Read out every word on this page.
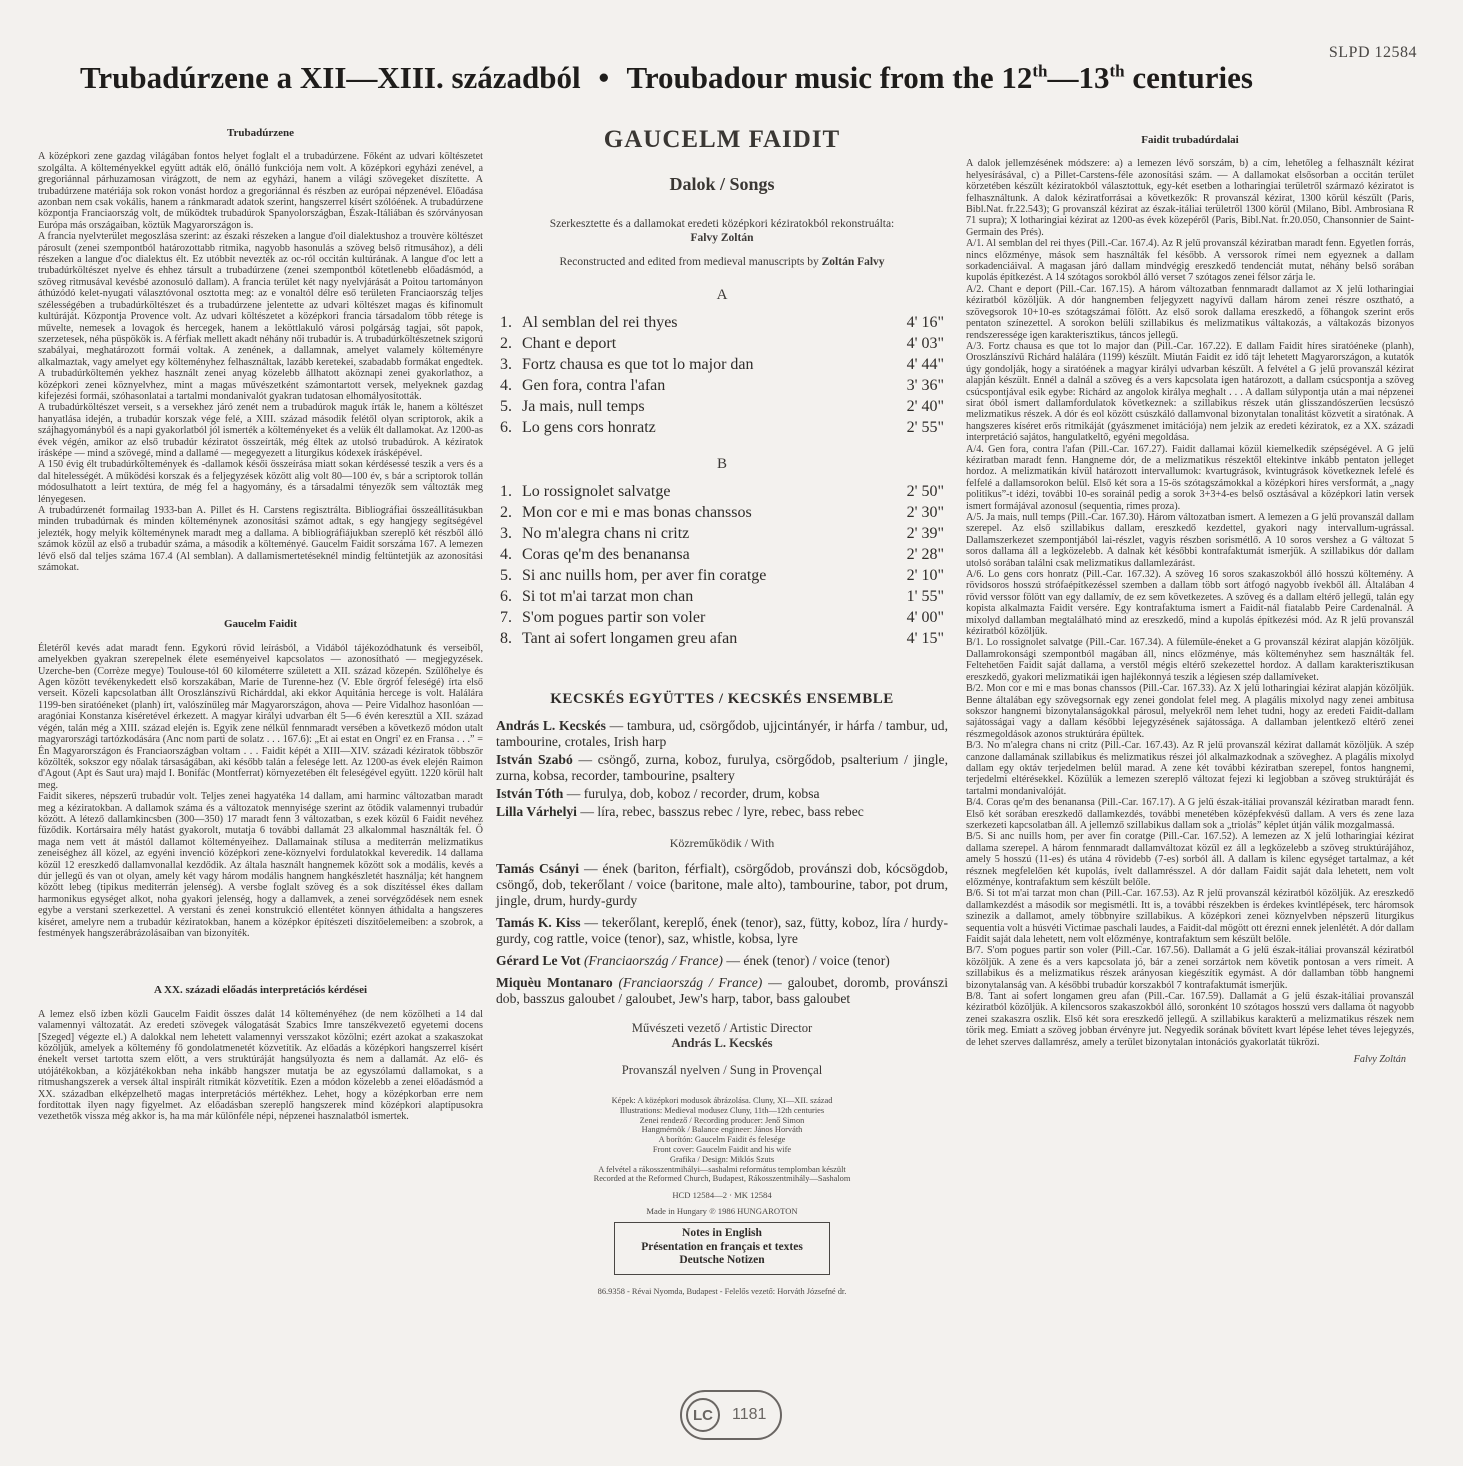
SLPD 12584
Trubadúrzene a XII—XIII. századból • Troubadour music from the 12th—13th centuries
Trubadúrzene

A középkori zene gazdag világában fontos helyet foglalt el a trubadúrzene. Főként az udvari költészetet szolgálta. A költeményekkel együtt adták elő, önálló funkciója nem volt. A középkori egyházi zenével, a gregoriánnal párhuzamosan virágzott, de nem az egyházi, hanem a világi szövegeket díszítette. A trubadúrzene matériája sok rokon vonást hordoz a gregoriánnal és részben az európai népzenével. Előadása azonban nem csak vokális, hanem a ránkmaradt adatok szerint, hangszerrel kísért szólóének. A trubadúrzene központja Franciaország volt, de működtek trubadúrok Spanyolországban, Észak-Itáliában és szórványosan Európa más országaiban, köztük Magyarországon is.

A francia nyelvterület megoszlása szerint: az északi részeken a langue d'oil dialektushoz a trouvère költészet párosult (zenei szempontból határozottabb ritmika, nagyobb hasonulás a szöveg belső ritmusához), a déli részeken a langue d'oc dialektus élt. Ez utóbbit nevezték az oc-ról occitán kultúrának. A langue d'oc lett a trubadúrköltészet nyelve és ehhez társult a trubadúrzene (zenei szempontból kötetlenebb előadásmód, a szöveg ritmusával kevésbé azonosuló dallam). A francia terület két nagy nyelvjárását a Poitou tartományon áthúzódó kelet-nyugati választóvonal osztotta meg: az e vonaltól délre eső területen Franciaország teljes szélességében a trubadúrköltészet és a trubadúrzene jelentette az udvari költészet magas és kifinomult kultúráját. Központja Provence volt. Az udvari költészetet a középkori francia társadalom több rétege is művelte, nemesek a lovagok és hercegek, hanem a leköttlakuló városi polgárság tagjai, sőt papok, szerzetesek, néha püspökök is. A férfiak mellett akadt néhány női trubadúr is. A trubadúrköltészetnek szigorú szabályai, meghatározott formái voltak. A zenének, a dallamnak, amelyet valamely költeményre alkalmaztak, vagy amelyet egy költeményhez felhasználtak, lazább keretekei, szabadabb formákat engedtek. A trubadúrköltemén yekhez használt zenei anyag közelebb állhatott aköznapi zenei gyakorlathoz, a középkori zenei köznyelvhez, mint a magas művészetként számontartott versek, melyeknek gazdag kifejezési formái, szóhasonlatai a tartalmi mondanivalót gyakran tudatosan elhomályosították.

A trubadúrköltészet verseit, s a versekhez járó zenét nem a trubadúrok maguk írták le, hanem a költészet hanyatlása idején, a trubadúr korszak vége felé, a XIII. század második felétől olyan scriptorok, akik a szájhagyományból és a napi gyakorlatból jól ismerték a költeményeket és a velük élt dallamokat. Az 1200-as évek végén, amikor az első trubadúr kéziratot összeírták, még éltek az utolsó trubadúrok. A kéziratok írásképe — mind a szövegé, mind a dallamé — megegyezett a liturgikus kódexek írásképével.

A 150 évig élt trubadúrköltemények és -dallamok késői összeírása miatt sokan kérdésessé teszik a vers és a dal hitelességét. A működési korszak és a feljegyzések között alig volt 80—100 év, s bár a scriptorok tollán módosulhatott a leírt textúra, de még fel a hagyomány, és a társadalmi tényezők sem változták meg lényegesen.

A trubadúrzenét formailag 1933-ban A. Pillet és H. Carstens regisztrálta. Bibliográfiai összeállításukban minden trubadúrnak és minden költeménynek azonosítási számot adtak, s egy hangjegy segítségével jelezték, hogy melyik költeménynek maradt meg a dallama. A bibliográfiájukban szereplő két részből álló számok közül az első a trubadúr száma, a második a költeményé. Gaucelm Faidit sorszáma 167. A lemezen lévő első dal teljes száma 167.4 (Al semblan). A dallamismertetéseknél mindig feltüntetjük az azonosítási számokat.

Gaucelm Faidit

Életéről kevés adat maradt fenn. Egykorú rövid leírásból, a Vidából tájékozódhatunk és verseiből, amelyekben gyakran szerepelnek élete eseményeivel kapcsolatos — azonosítható — megjegyzések. Uzerche-ben (Corrèze megye) Toulouse-tól 60 kilométerre született a XII. század közepén. Szülőhelye és Agen között tevékenykedett első korszakában, Marie de Turenne-hez (V. Eble őrgróf feleségé) írta első verseit. Közeli kapcsolatban állt Oroszlánszívű Richárddal, aki ekkor Aquitánia hercege is volt. Halálára 1199-ben siratóéneket (planh) írt, valószínűleg már Magyarországon, ahova — Peire Vidalhoz hasonlóan — aragóniai Konstanza kíséretével érkezett. A magyar királyi udvarban élt 5—6 évén keresztül a XII. század végén, talán még a XIII. század elején is. Egyik zene nélkül fennmaradt versében a következő módon utalt magyarországi tartózkodására (Anc nom parti de solatz . . . 167.6): „Et ai estat en Ongri' ez en Fransa . . .” = Én Magyarországon és Franciaországban voltam . . . Faidit képét a XIII—XIV. századi kéziratok többször közölték, sokszor egy nőalak társaságában, aki később talán a felesége lett. Az 1200-as évek elején Raimon d'Agout (Apt és Saut ura) majd I. Bonifác (Montferrat) környezetében élt feleségével együtt. 1220 körül halt meg.

Faidit sikeres, népszerű trubadúr volt. Teljes zenei hagyatéka 14 dallam, ami harminc változatban maradt meg a kéziratokban. A dallamok száma és a változatok mennyisége szerint az ötödik valamennyi trubadúr között. A létező dallamkincsben (300—350) 17 maradt fenn 3 változatban, s ezek közül 6 Faidit nevéhez fűződik. Kortársaira mély hatást gyakorolt, mutatja 6 további dallamát 23 alkalommal használták fel. Ő maga nem vett át mástól dallamot költeményeihez. Dallamainak stílusa a mediterrán melizmatikus zeneiséghez áll közel, az egyéni invenció középkori zene-köznyelvi fordulatokkal keveredik. 14 dallama közül 12 ereszkedő dallamvonallal kezdődik. Az általa használt hangnemek között sok a modális, kevés a dúr jellegű és van ot olyan, amely két vagy három modális hangnem hangkészletét használja; két hangnem között lebeg (tipikus mediterrán jelenség). A versbe foglalt szöveg és a sok díszítéssel ékes dallam harmonikus egységet alkot, noha gyakori jelenség, hogy a dallamvek, a zenei sorvégződések nem esnek egybe a verstani szerkezettel. A verstani és zenei konstrukció ellentétet könnyen áthidalta a hangszeres kíséret, amelyre nem a trubadúr kéziratokban, hanem a középkor építészeti díszítőelemeiben: a szobrok, a festmények hangszerábrázolásaiban van bizonyíték.

A XX. századi előadás interpretációs kérdései

A lemez első ízben közli Gaucelm Faidit összes dalát 14 költeményéhez (de nem közölheti a 14 dal valamennyi változatát. Az eredeti szövegek válogatását Szabics Imre tanszékvezető egyetemi docens [Szeged] végezte el.) A dalokkal nem lehetett valamennyi versszakot közölni; ezért azokat a szakaszokat közöljük, amelyek a költemény fő gondolatmenetét közvetítik. Az előadás a középkori hangszerrel kísért énekelt verset tartotta szem előtt, a vers struktúráját hangsúlyozta és nem a dallamát. Az elő- és utójátékokban, a közjátékokban neha inkább hangszer mutatja be az egyszólamú dallamokat, s a ritmushangszerek a versek által inspirált ritmikát közvetítik. Ezen a módon közelebb a zenei előadásmód a XX. században elképzelhető magas interpretációs mértékhez. Lehet, hogy a középkorban erre nem fordítottak ilyen nagy figyelmet. Az előadásban szereplő hangszerek mind középkori alaptípusokra vezethetők vissza még akkor is, ha ma már különféle népi, népzenei hasznalatból ismertek.

GAUCELM FAIDIT
Dalok / Songs
Szerkesztette és a dallamokat eredeti középkori kéziratokból rekonstruálta:
Falvy Zoltán
Reconstructed and edited from medieval manuscripts by Zoltán Falvy
A
1. Al semblan del rei thyes	4' 16"
2. Chant e deport	4' 03"
3. Fortz chausa es que tot lo major dan	4' 44"
4. Gen fora, contra l'afan	3' 36"
5. Ja mais, null temps	2' 40"
6. Lo gens cors honratz	2' 55"
B
1. Lo rossignolet salvatge	2' 50"
2. Mon cor e mi e mas bonas chanssos	2' 30"
3. No m'alegra chans ni critz	2' 39"
4. Coras qe'm des benanansa	2' 28"
5. Si anc nuills hom, per aver fin coratge	2' 10"
6. Si tot m'ai tarzat mon chan	1' 55"
7. S'om pogues partir son voler	4' 00"
8. Tant ai sofert longamen greu afan	4' 15"
KECSKÉS EGYÜTTES / KECSKÉS ENSEMBLE
András L. Kecskés — tambura, ud, csörgődob, ujjcintányér, ir hárfa / tambur, ud, tambourine, crotales, Irish harp
István Szabó — csöngő, zurna, koboz, furulya, csörgődob, psalterium / jingle, zurna, kobsa, recorder, tambourine, psaltery
István Tóth — furulya, dob, koboz / recorder, drum, kobsa
Lilla Várhelyi — líra, rebec, basszus rebec / lyre, rebec, bass rebec
Közreműködik / With
Tamás Csányi — ének (bariton, férfialt), csörgődob, provánszi dob, kócsögdob, csöngő, dob, tekerőlant / voice (baritone, male alto), tambourine, tabor, pot drum, jingle, drum, hurdy-gurdy
Tamás K. Kiss — tekerőlant, kereplő, ének (tenor), saz, fütty, koboz, líra / hurdy-gurdy, cog rattle, voice (tenor), saz, whistle, kobsa, lyre
Gérard Le Vot (Franciaország / France) — ének (tenor) / voice (tenor)
Miquèu Montanaro (Franciaország / France) — galoubet, doromb, provánszi dob, basszus galoubet / galoubet, Jew's harp, tabor, bass galoubet
Művészeti vezető / Artistic Director
András L. Kecskés
Provanszál nyelven / Sung in Provençal
Képek: A középkori modusok ábrázolása. Cluny, XI—XII. század
Illustrations: Medieval modusez Cluny, 11th—12th centuries
Zenei rendező / Recording producer: Jenő Simon
Hangmérnök / Balance engineer: János Horváth
A borítón: Gaucelm Faidit és felesége
Front cover: Gaucelm Faidit and his wife
Grafika / Design: Miklós Szuts
A felvétel a rákosszentmihályi—sashalmi református templomban készült
Recorded at the Reformed Church, Budapest, Rákosszentmihály—Sashalom
HCD 12584—2 · MK 12584
Made in Hungary ℗ 1986 HUNGAROTON
Notes in English
Présentation en français et textes
Deutsche Notizen
86.9358 - Révai Nyomda, Budapest - Felelős vezető: Horváth Józsefné dr.
LC	1181
Faidit trubadúrdalai

A dalok jellemzésének módszere: a) a lemezen lévő sorszám, b) a cím, lehetőleg a felhasznált kézirat helyesírásával, c) a Pillet-Carstens-féle azonosítási szám. — A dallamokat elsősorban a occitán terület körzetében készült kéziratokból választottuk, egy-két esetben a lotharingiai területről származó kéziratot is felhasználtunk. A dalok kéziratforrásai a következők: R provanszál kézirat, 1300 körül készült (Paris, Bibl.Nat. fr.22.543); G provanszál kézirat az észak-itáliai területről 1300 körül (Milano, Bibl. Ambrosiana R 71 supra); X lotharingiai kézirat az 1200-as évek közepéről (Paris, Bibl.Nat. fr.20.050, Chansonnier de Saint-Germain des Prés).

A/1. Al semblan del rei thyes (Pill.-Car. 167.4). Az R jelű provanszál kéziratban maradt fenn. Egyetlen forrás, nincs előzménye, mások sem használták fel később. A verssorok rímei nem egyeznek a dallam sorkadenciáival. A magasan járó dallam mindvégig ereszkedő tendenciát mutat, néhány belső sorában kupolás építkezést. A 14 szótagos sorokból álló verset 7 szótagos zenei félsor zárja le.

A/2. Chant e deport (Pill.-Car. 167.15). A három változatban fennmaradt dallamot az X jelű lotharingiai kéziratból közöljük. A dór hangnemben feljegyzett nagyívű dallam három zenei részre osztható, a szövegsorok 10+10-es szótagszámai fölött. Az első sorok dallama ereszkedő, a főhangok szerint erős pentaton színezettel. A sorokon belüli szillabikus és melizmatikus váltakozás, a váltakozás bizonyos rendszeressége igen karakterisztikus, táncos jellegű.

A/3. Fortz chausa es que tot lo major dan (Pill.-Car. 167.22). E dallam Faidit híres siratóéneke (planh), Oroszlánszívű Richárd halálára (1199) készült. Miután Faidit ez idő tájt lehetett Magyarországon, a kutatók úgy gondolják, hogy a siratóének a magyar királyi udvarban készült. A felvétel a G jelű provanszál kézirat alapján készült. Ennél a dalnál a szöveg és a vers kapcsolata igen határozott, a dallam csúcspontja a szöveg csúcspontjával esik egybe: Richárd az angolok királya meghalt . . . A dallam súlypontja után a mai népzenei sirat óból ismert dallamfordulatok következnek: a szillabikus részek után glisszandószerűen lecsúszó melizmatikus részek. A dór és eol között csúszkáló dallamvonal bizonytalan tonalitást közvetít a siratónak. A hangszeres kíséret erős ritmikáját (gyászmenet imitációja) nem jelzik az eredeti kéziratok, ez a XX. századi interpretáció sajátos, hangulatkeltő, egyéni megoldása.

A/4. Gen fora, contra l'afan (Pill.-Car. 167.27). Faidit dallamai közül kiemelkedik szépségével. A G jelű kéziratban maradt fenn. Hangneme dór, de a melizmatikus részektől eltekintve inkább pentaton jelleget hordoz. A melizmatikán kívül határozott intervallumok: kvartugrások, kvintugrások következnek lefelé és felfelé a dallamsorokon belül. Első két sora a 15-ös szótagszámokkal a középkori híres versformát, a „nagy politikus”-t idézi, további 10-es sorainál pedig a sorok 3+3+4-es belső osztásával a középkori latin versek ismert formájával azonosul (sequentia, rimes proza).

A/5. Ja mais, null temps (Pill.-Car. 167.30). Három változatban ismert. A lemezen a G jelű provanszál dallam szerepel. Az első szillabikus dallam, ereszkedő kezdettel, gyakori nagy intervallum-ugrással. Dallamszerkezet szempontjából lai-részlet, vagyis részben sorismétlő. A 10 soros vershez a G változat 5 soros dallama áll a legközelebb. A dalnak két későbbi kontrafaktumát ismerjük. A szillabikus dór dallam utolsó sorában találni csak melizmatikus dallamlezárást.

A/6. Lo gens cors honratz (Pill.-Car. 167.32). A szöveg 16 soros szakaszokból álló hosszú költemény. A rövidsoros hosszú strófaépítkezéssel szemben a dallam több sort átfogó nagyobb ívekből áll. Általában 4 rövid verssor fölött van egy dallamív, de ez sem következetes. A szöveg és a dallam eltérő jellegű, talán egy kopista alkalmazta Faidit versére. Egy kontrafaktuma ismert a Faidit-nál fiatalabb Peire Cardenalnál. A mixolyd dallamban megtalálható mind az ereszkedő, mind a kupolás építkezési mód. Az R jelű provanszál kéziratból közöljük.

B/1. Lo rossignolet salvatge (Pill.-Car. 167.34). A fülemüle-éneket a G provanszál kézirat alapján közöljük. Dallamrokonsági szempontból magában áll, nincs előzménye, más költeményhez sem használták fel. Feltehetően Faidit saját dallama, a verstől mégis eltérő szekezettel hordoz. A dallam karakterisztikusan ereszkedő, gyakori melizmatikái igen hajlékonnyá teszik a légiesen szép dallamíveket.

B/2. Mon cor e mi e mas bonas chanssos (Pill.-Car. 167.33). Az X jelű lotharingiai kézirat alapján közöljük. Benne általában egy szövegsornak egy zenei gondolat felel meg. A plagális mixolyd nagy zenei ambitusa sokszor hangnemi bizonytalanságokkal párosul, melyekről nem lehet tudni, hogy az eredeti Faidit-dallam sajátosságai vagy a dallam későbbi lejegyzésének sajátossága. A dallamban jelentkező eltérő zenei részmegoldások azonos struktúrára épültek.

B/3. No m'alegra chans ni critz (Pill.-Car. 167.43). Az R jelű provanszál kézirat dallamát közöljük. A szép canzone dallamának szillabikus és melizmatikus részei jól alkalmazkodnak a szöveghez. A plagális mixolyd dallam egy oktáv terjedelmen belül marad. A zene két további kéziratban szerepel, fontos hangnemi, terjedelmi eltérésekkel. Közülük a lemezen szereplő változat fejezi ki legjobban a szöveg struktúráját és tartalmi mondanivalóját.

B/4. Coras qe'm des benanansa (Pill.-Car. 167.17). A G jelű észak-itáliai provanszál kéziratban maradt fenn. Első két sorában ereszkedő dallamkezdés, további menetében középfekvésű dallam. A vers és zene laza szerkezeti kapcsolatban áll. A jellemző szillabikus dallam sok a „triolás” képlet útján válik mozgalmassá.

B/5. Si anc nuills hom, per aver fin coratge (Pill.-Car. 167.52). A lemezen az X jelű lotharingiai kézirat dallama szerepel. A három fennmaradt dallamváltozat közül ez áll a legközelebb a szöveg struktúrájához, amely 5 hosszú (11-es) és utána 4 rövidebb (7-es) sorból áll. A dallam is kilenc egységet tartalmaz, a két résznek megfelelően két kupolás, ívelt dallamrésszel. A dór dallam Faidit saját dala lehetett, nem volt előzménye, kontrafaktum sem készült belőle.

B/6. Si tot m'ai tarzat mon chan (Pill.-Car. 167.53). Az R jelű provanszál kéziratból közöljük. Az ereszkedő dallamkezdést a második sor megismétli. Itt is, a további részekben is érdekes kvintlépések, terc háromsok szinezik a dallamot, amely többnyire szillabikus. A középkori zenei köznyelvben népszerű liturgikus sequentia volt a húsvéti Victimae paschali laudes, a Faidit-dal mögött ott érezni ennek jelenlétét. A dór dallam Faidit saját dala lehetett, nem volt előzménye, kontrafaktum sem készült belőle.

B/7. S'om pogues partir son voler (Pill.-Car. 167.56). Dallamát a G jelű észak-itáliai provanszál kéziratból közöljük. A zene és a vers kapcsolata jó, bár a zenei sorzártok nem követik pontosan a vers rímeit. A szillabikus és a melizmatikus részek arányosan kiegészítik egymást. A dór dallamban több hangnemi bizonytalanság van. A későbbi trubadúr korszakból 7 kontrafaktumát ismerjük.

B/8. Tant ai sofert longamen greu afan (Pill.-Car. 167.59). Dallamát a G jelű észak-itáliai provanszál kéziratból közöljük. A kilencsoros szakaszokból álló, soronként 10 szótagos hosszú vers dallama öt nagyobb zenei szakaszra oszlik. Első két sora ereszkedő jellegű. A szillabikus karakterű a melizmatikus részek nem törik meg. Emiatt a szöveg jobban érvényre jut. Negyedik sorának bővített kvart lépése lehet téves lejegyzés, de lehet szerves dallamrész, amely a terület bizonytalan intonációs gyakorlatát tükrözi.

Falvy Zoltán
